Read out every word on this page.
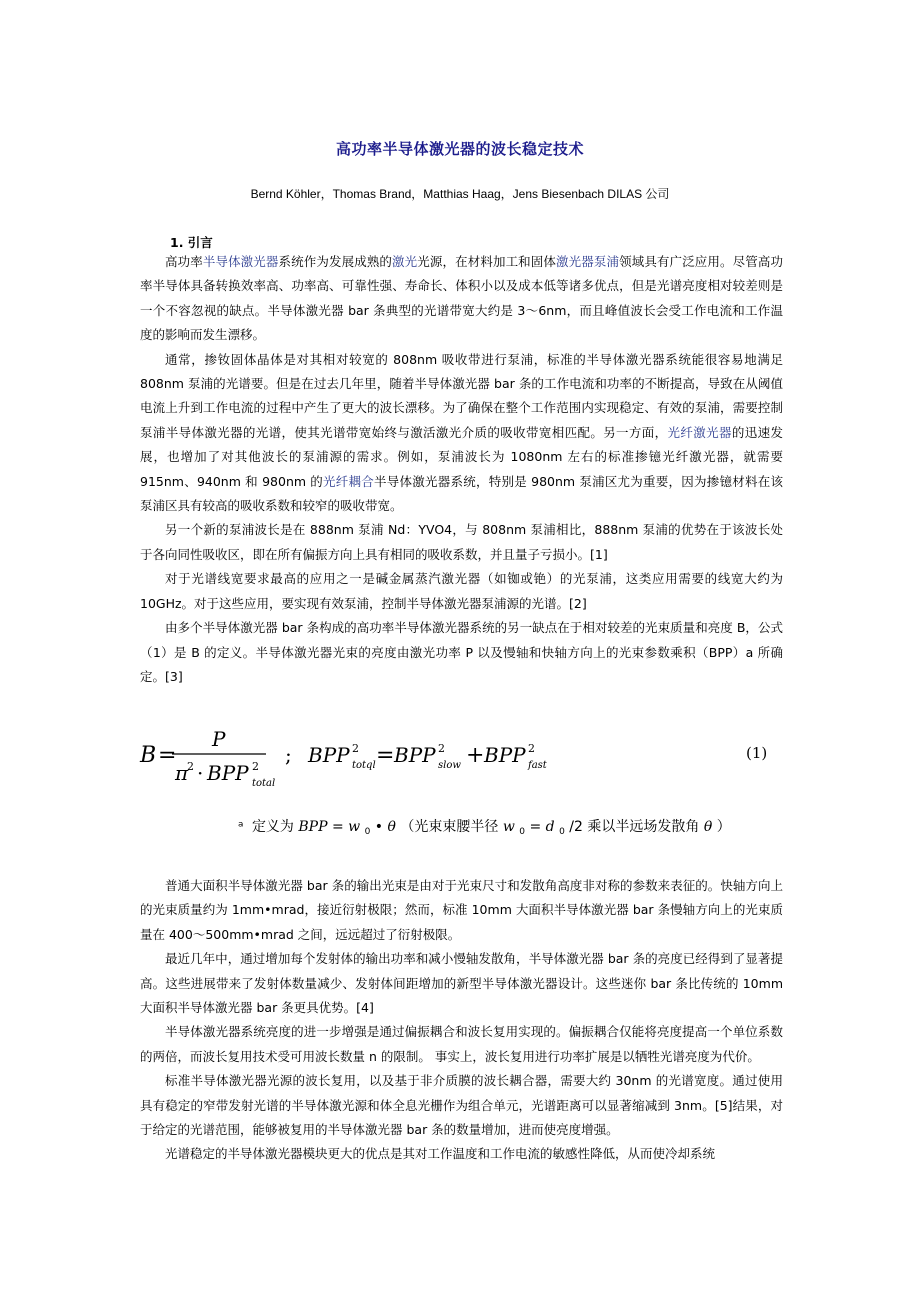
高功率半导体激光器的波长稳定技术
Bernd Köhler，Thomas Brand，Matthias Haag，Jens Biesenbach DILAS 公司
1. 引言

高功率半导体激光器系统作为发展成熟的激光光源，在材料加工和固体激光器泵浦领域具有广泛应用。尽管高功率半导体具备转换效率高、功率高、可靠性强、寿命长、体积小以及成本低等诸多优点，但是光谱亮度相对较差则是一个不容忽视的缺点。半导体激光器 bar 条典型的光谱带宽大约是 3～6nm，而且峰值波长会受工作电流和工作温度的影响而发生漂移。

通常，掺钕固体晶体是对其相对较宽的 808nm 吸收带进行泵浦，标准的半导体激光器系统能很容易地满足 808nm 泵浦的光谱要。但是在过去几年里，随着半导体激光器 bar 条的工作电流和功率的不断提高，导致在从阈值电流上升到工作电流的过程中产生了更大的波长漂移。为了确保在整个工作范围内实现稳定、有效的泵浦，需要控制泵浦半导体激光器的光谱，使其光谱带宽始终与激活激光介质的吸收带宽相匹配。另一方面，光纤激光器的迅速发展，也增加了对其他波长的泵浦源的需求。例如，泵浦波长为 1080nm 左右的标准掺镱光纤激光器，就需要 915nm、940nm 和 980nm 的光纤耦合半导体激光器系统，特别是 980nm 泵浦区尤为重要，因为掺镱材料在该泵浦区具有较高的吸收系数和较窄的吸收带宽。

另一个新的泵浦波长是在 888nm 泵浦 Nd：YVO4，与 808nm 泵浦相比，888nm 泵浦的优势在于该波长处于各向同性吸收区，即在所有偏振方向上具有相同的吸收系数，并且量子亏损小。[1]

对于光谱线宽要求最高的应用之一是碱金属蒸汽激光器（如铷或铯）的光泵浦，这类应用需要的线宽大约为 10GHz。对于这些应用，要实现有效泵浦，控制半导体激光器泵浦源的光谱。[2]

由多个半导体激光器 bar 条构成的高功率半导体激光器系统的另一缺点在于相对较差的光束质量和亮度 B，公式（1）是 B 的定义。半导体激光器光束的亮度由激光功率 P 以及慢轴和快轴方向上的光束参数乘积（BPP）a 所确定。[3]

B =
P
π
2 · BPP 2
total
; BPP 2
totql = BPP 2
slow + BPP 2
fast
(1)
ᵃ 定义为 BPP = w $_0$ • θ （光束束腰半径 w $_0$ = d $_0$ /2 乘以半远场发散角 θ ）

普通大面积半导体激光器 bar 条的输出光束是由对于光束尺寸和发散角高度非对称的参数来表征的。快轴方向上的光束质量约为 1mm•mrad，接近衍射极限；然而，标准 10mm 大面积半导体激光器 bar 条慢轴方向上的光束质量在 400～500mm•mrad 之间，远远超过了衍射极限。

最近几年中，通过增加每个发射体的输出功率和减小慢轴发散角，半导体激光器 bar 条的亮度已经得到了显著提高。这些进展带来了发射体数量减少、发射体间距增加的新型半导体激光器设计。这些迷你 bar 条比传统的 10mm 大面积半导体激光器 bar 条更具优势。[4]

半导体激光器系统亮度的进一步增强是通过偏振耦合和波长复用实现的。偏振耦合仅能将亮度提高一个单位系数的两倍，而波长复用技术受可用波长数量 n 的限制。 事实上，波长复用进行功率扩展是以牺牲光谱亮度为代价。

标准半导体激光器光源的波长复用，以及基于非介质膜的波长耦合器，需要大约 30nm 的光谱宽度。通过使用具有稳定的窄带发射光谱的半导体激光源和体全息光栅作为组合单元，光谱距离可以显著缩减到 3nm。[5]结果，对于给定的光谱范围，能够被复用的半导体激光器 bar 条的数量增加，进而使亮度增强。

光谱稳定的半导体激光器模块更大的优点是其对工作温度和工作电流的敏感性降低，从而使冷却系统
